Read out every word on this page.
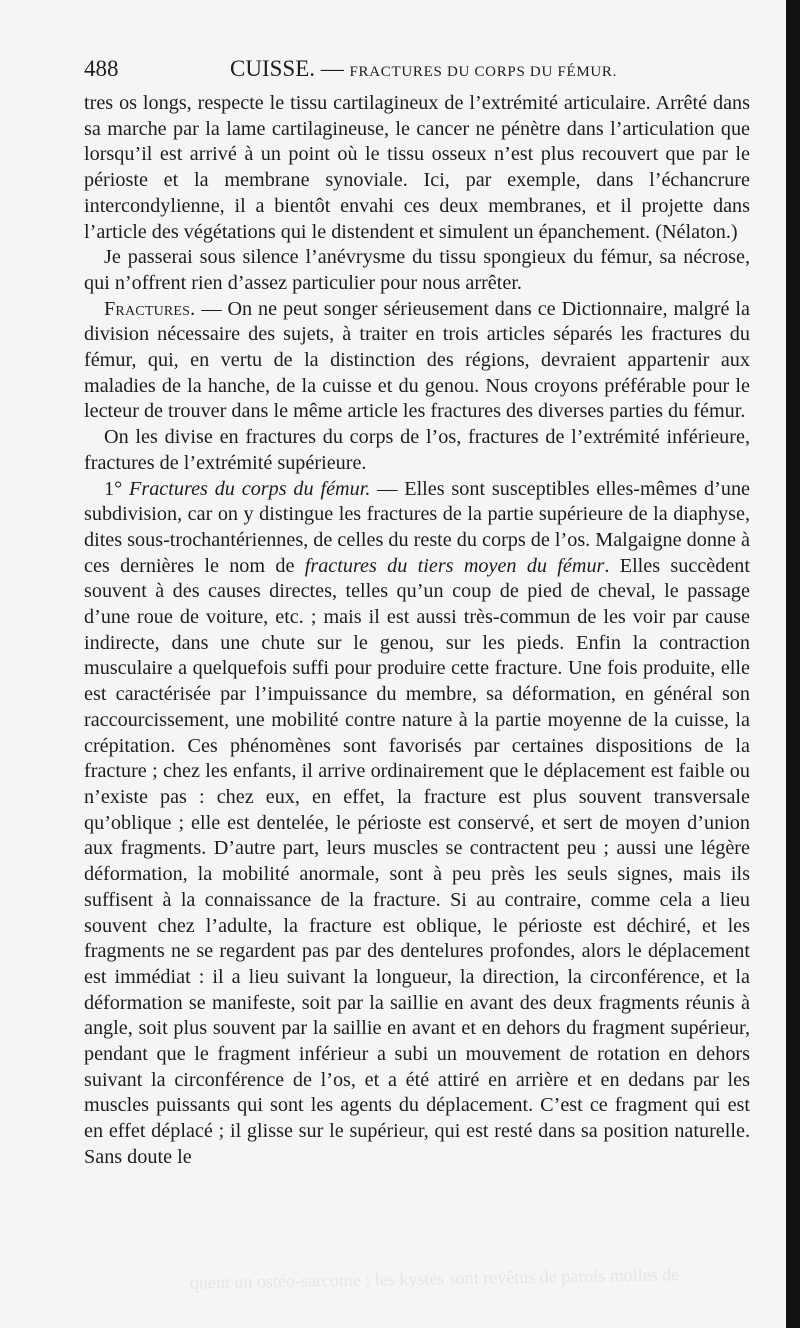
488	CUISSE. — FRACTURES DU CORPS DU FÉMUR.

tres os longs, respecte le tissu cartilagineux de l’extrémité articulaire. Arrêté dans sa marche par la lame cartilagineuse, le cancer ne pénètre dans l’articulation que lorsqu’il est arrivé à un point où le tissu osseux n’est plus recouvert que par le périoste et la membrane synoviale. Ici, par exemple, dans l’échancrure intercondylienne, il a bientôt envahi ces deux membranes, et il projette dans l’article des végétations qui le distendent et simulent un épanchement. (Nélaton.)

Je passerai sous silence l’anévrysme du tissu spongieux du fémur, sa nécrose, qui n’offrent rien d’assez particulier pour nous arrêter.

Fractures. — On ne peut songer sérieusement dans ce Dictionnaire, malgré la division nécessaire des sujets, à traiter en trois articles séparés les fractures du fémur, qui, en vertu de la distinction des régions, devraient appartenir aux maladies de la hanche, de la cuisse et du genou. Nous croyons préférable pour le lecteur de trouver dans le même article les fractures des diverses parties du fémur.

On les divise en fractures du corps de l’os, fractures de l’extrémité inférieure, fractures de l’extrémité supérieure.

1° Fractures du corps du fémur. — Elles sont susceptibles elles-mêmes d’une subdivision, car on y distingue les fractures de la partie supérieure de la diaphyse, dites sous-trochantériennes, de celles du reste du corps de l’os. Malgaigne donne à ces dernières le nom de fractures du tiers moyen du fémur. Elles succèdent souvent à des causes directes, telles qu’un coup de pied de cheval, le passage d’une roue de voiture, etc. ; mais il est aussi très-commun de les voir par cause indirecte, dans une chute sur le genou, sur les pieds. Enfin la contraction musculaire a quelquefois suffi pour produire cette fracture. Une fois produite, elle est caractérisée par l’impuissance du membre, sa déformation, en général son raccourcissement, une mobilité contre nature à la partie moyenne de la cuisse, la crépitation. Ces phénomènes sont favorisés par certaines dispositions de la fracture ; chez les enfants, il arrive ordinairement que le déplacement est faible ou n’existe pas : chez eux, en effet, la fracture est plus souvent transversale qu’oblique ; elle est dentelée, le périoste est conservé, et sert de moyen d’union aux fragments. D’autre part, leurs muscles se contractent peu ; aussi une légère déformation, la mobilité anormale, sont à peu près les seuls signes, mais ils suffisent à la connaissance de la fracture. Si au contraire, comme cela a lieu souvent chez l’adulte, la fracture est oblique, le périoste est déchiré, et les fragments ne se regardent pas par des dentelures profondes, alors le déplacement est immédiat : il a lieu suivant la longueur, la direction, la circonférence, et la déformation se manifeste, soit par la saillie en avant des deux fragments réunis à angle, soit plus souvent par la saillie en avant et en dehors du fragment supérieur, pendant que le fragment inférieur a subi un mouvement de rotation en dehors suivant la circonférence de l’os, et a été attiré en arrière et en dedans par les muscles puissants qui sont les agents du déplacement. C’est ce fragment qui est en effet déplacé ; il glisse sur le supérieur, qui est resté dans sa position naturelle. Sans doute le

quent un ostéo-sarcome ; les kystes sont revêtus de parois molles de
